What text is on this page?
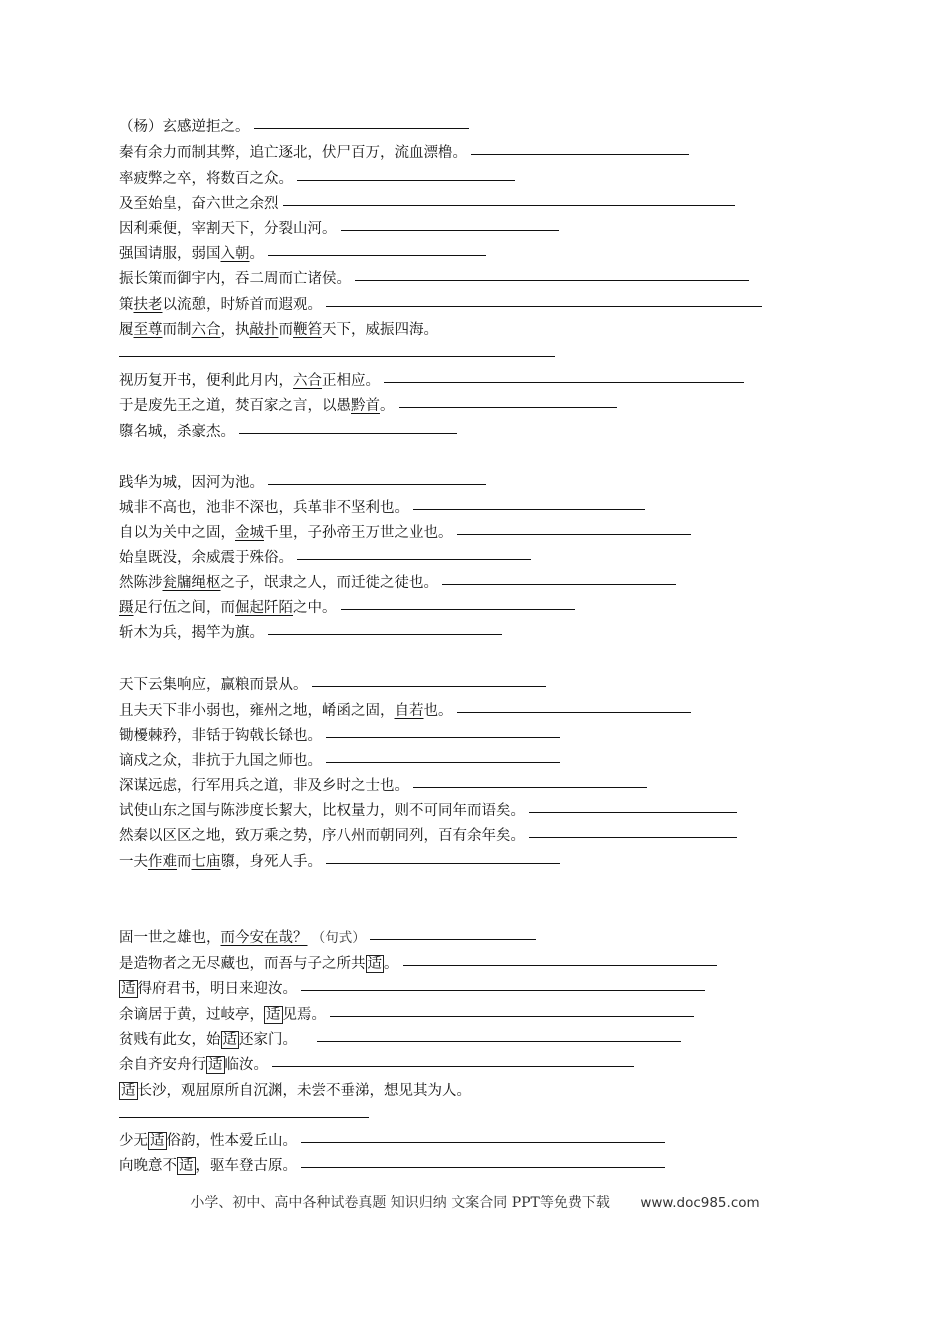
（杨）玄感逆拒之。
秦有余力而制其弊，追亡逐北，伏尸百万，流血漂橹。
率疲弊之卒，将数百之众。
及至始皇，奋六世之余烈
因利乘便，宰割天下，分裂山河。
强国请服，弱国入朝。
振长策而御宇内，吞二周而亡诸侯。
策扶老以流憩，时矫首而遐观。
履至尊而制六合，执敲扑而鞭笞天下，威振四海。
视历复开书，便利此月内，六合正相应。
于是废先王之道，焚百家之言，以愚黔首。
隳名城，杀豪杰。
践华为城，因河为池。
城非不高也，池非不深也，兵革非不坚利也。
自以为关中之固，金城千里，子孙帝王万世之业也。
始皇既没，余威震于殊俗。
然陈涉瓮牖绳枢之子，氓隶之人，而迁徙之徒也。
蹑足行伍之间，而倔起阡陌之中。
斩木为兵，揭竿为旗。
天下云集响应，赢粮而景从。
且夫天下非小弱也，雍州之地，崤函之固，自若也。
锄櫌棘矜，非铦于钩戟长铩也。
谪戍之众，非抗于九国之师也。
深谋远虑，行军用兵之道，非及乡时之士也。
试使山东之国与陈涉度长絜大，比权量力，则不可同年而语矣。
然秦以区区之地，致万乘之势，序八州而朝同列，百有余年矣。
一夫作难而七庙隳，身死人手。
固一世之雄也，而今安在哉？ （句式）
是造物者之无尽藏也，而吾与子之所共 适 。
适 得府君书，明日来迎汝。
余谪居于黄，过岐亭， 适 见焉。
贫贱有此女，始 适 还家门。
余自齐安舟行 适 临汝。
适 长沙，观屈原所自沉渊，未尝不垂涕，想见其为人。
少无 适 俗韵，性本爱丘山。
向晚意不 适 ，驱车登古原。
小学、初中、高中各种试卷真题 知识归纳 文案合同 PPT等免费下载 www.doc985.com
